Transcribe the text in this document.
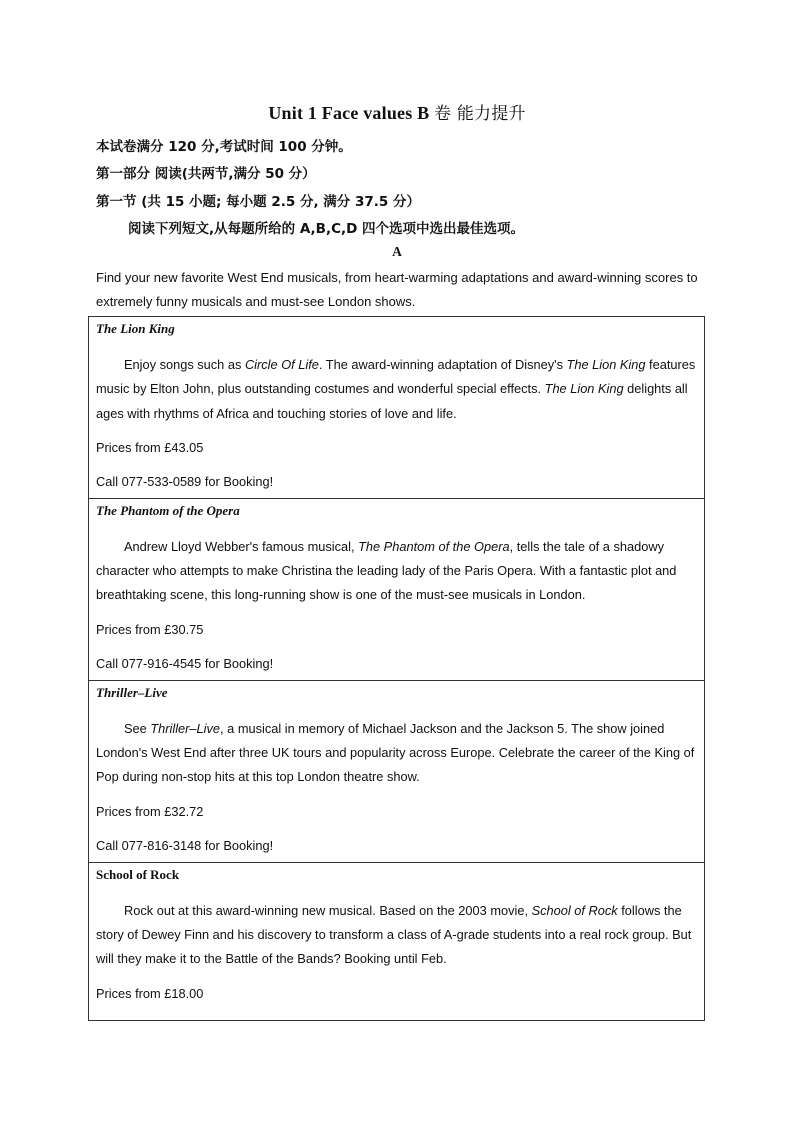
Unit 1 Face values B 卷 能力提升
本试卷满分 120 分,考试时间 100 分钟。
第一部分 阅读(共两节,满分 50 分）
第一节 (共 15 小题; 每小题 2.5 分, 满分 37.5 分）
阅读下列短文,从每题所给的 A,B,C,D 四个选项中选出最佳选项。
A
Find your new favorite West End musicals, from heart-warming adaptations and award-winning scores to extremely funny musicals and must-see London shows.
The Lion King
Enjoy songs such as Circle Of Life. The award-winning adaptation of Disney's The Lion King features music by Elton John, plus outstanding costumes and wonderful special effects. The Lion King delights all ages with rhythms of Africa and touching stories of love and life.
Prices from £43.05
Call 077-533-0589 for Booking!

The Phantom of the Opera
Andrew Lloyd Webber's famous musical, The Phantom of the Opera, tells the tale of a shadowy character who attempts to make Christina the leading lady of the Paris Opera. With a fantastic plot and breathtaking scene, this long-running show is one of the must-see musicals in London.
Prices from £30.75
Call 077-916-4545 for Booking!

Thriller–Live
See Thriller–Live, a musical in memory of Michael Jackson and the Jackson 5. The show joined London's West End after three UK tours and popularity across Europe. Celebrate the career of the King of Pop during non-stop hits at this top London theatre show.
Prices from £32.72
Call 077-816-3148 for Booking!

School of Rock
Rock out at this award-winning new musical. Based on the 2003 movie, School of Rock follows the story of Dewey Finn and his discovery to transform a class of A-grade students into a real rock group. But will they make it to the Battle of the Bands? Booking until Feb.
Prices from £18.00
